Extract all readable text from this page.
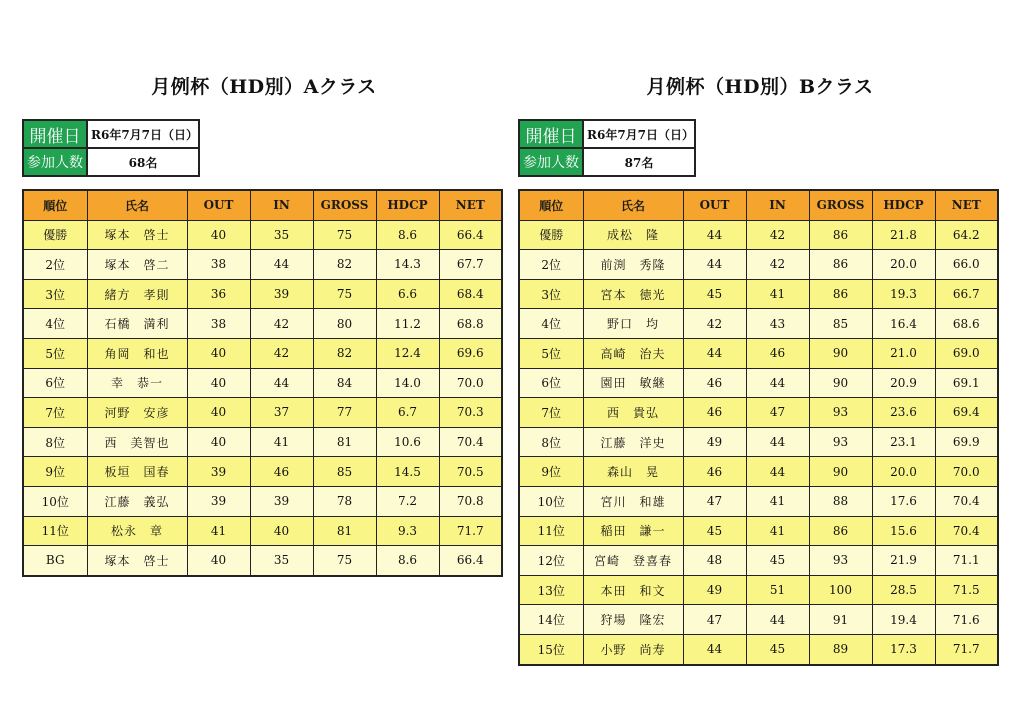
月例杯（HD別）Aクラス
開催日	R6年7月7日（日）
参加人数	68名
順位	氏名	OUT	IN	GROSS	HDCP	NET
優勝	塚本　啓士	40	35	75	8.6	66.4
2位	塚本　啓二	38	44	82	14.3	67.7
3位	緒方　孝則	36	39	75	6.6	68.4
4位	石橋　満利	38	42	80	11.2	68.8
5位	角岡　和也	40	42	82	12.4	69.6
6位	幸　恭一	40	44	84	14.0	70.0
7位	河野　安彦	40	37	77	6.7	70.3
8位	西　美智也	40	41	81	10.6	70.4
9位	板垣　国春	39	46	85	14.5	70.5
10位	江藤　義弘	39	39	78	7.2	70.8
11位	松永　章	41	40	81	9.3	71.7
BG	塚本　啓士	40	35	75	8.6	66.4
月例杯（HD別）Bクラス
開催日	R6年7月7日（日）
参加人数	87名
順位	氏名	OUT	IN	GROSS	HDCP	NET
優勝	成松　隆	44	42	86	21.8	64.2
2位	前渕　秀隆	44	42	86	20.0	66.0
3位	宮本　徳光	45	41	86	19.3	66.7
4位	野口　均	42	43	85	16.4	68.6
5位	高崎　治夫	44	46	90	21.0	69.0
6位	園田　敏継	46	44	90	20.9	69.1
7位	西　貴弘	46	47	93	23.6	69.4
8位	江藤　洋史	49	44	93	23.1	69.9
9位	森山　晃	46	44	90	20.0	70.0
10位	宮川　和雄	47	41	88	17.6	70.4
11位	稲田　謙一	45	41	86	15.6	70.4
12位	宮崎　登喜春	48	45	93	21.9	71.1
13位	本田　和文	49	51	100	28.5	71.5
14位	狩場　隆宏	47	44	91	19.4	71.6
15位	小野　尚寿	44	45	89	17.3	71.7
